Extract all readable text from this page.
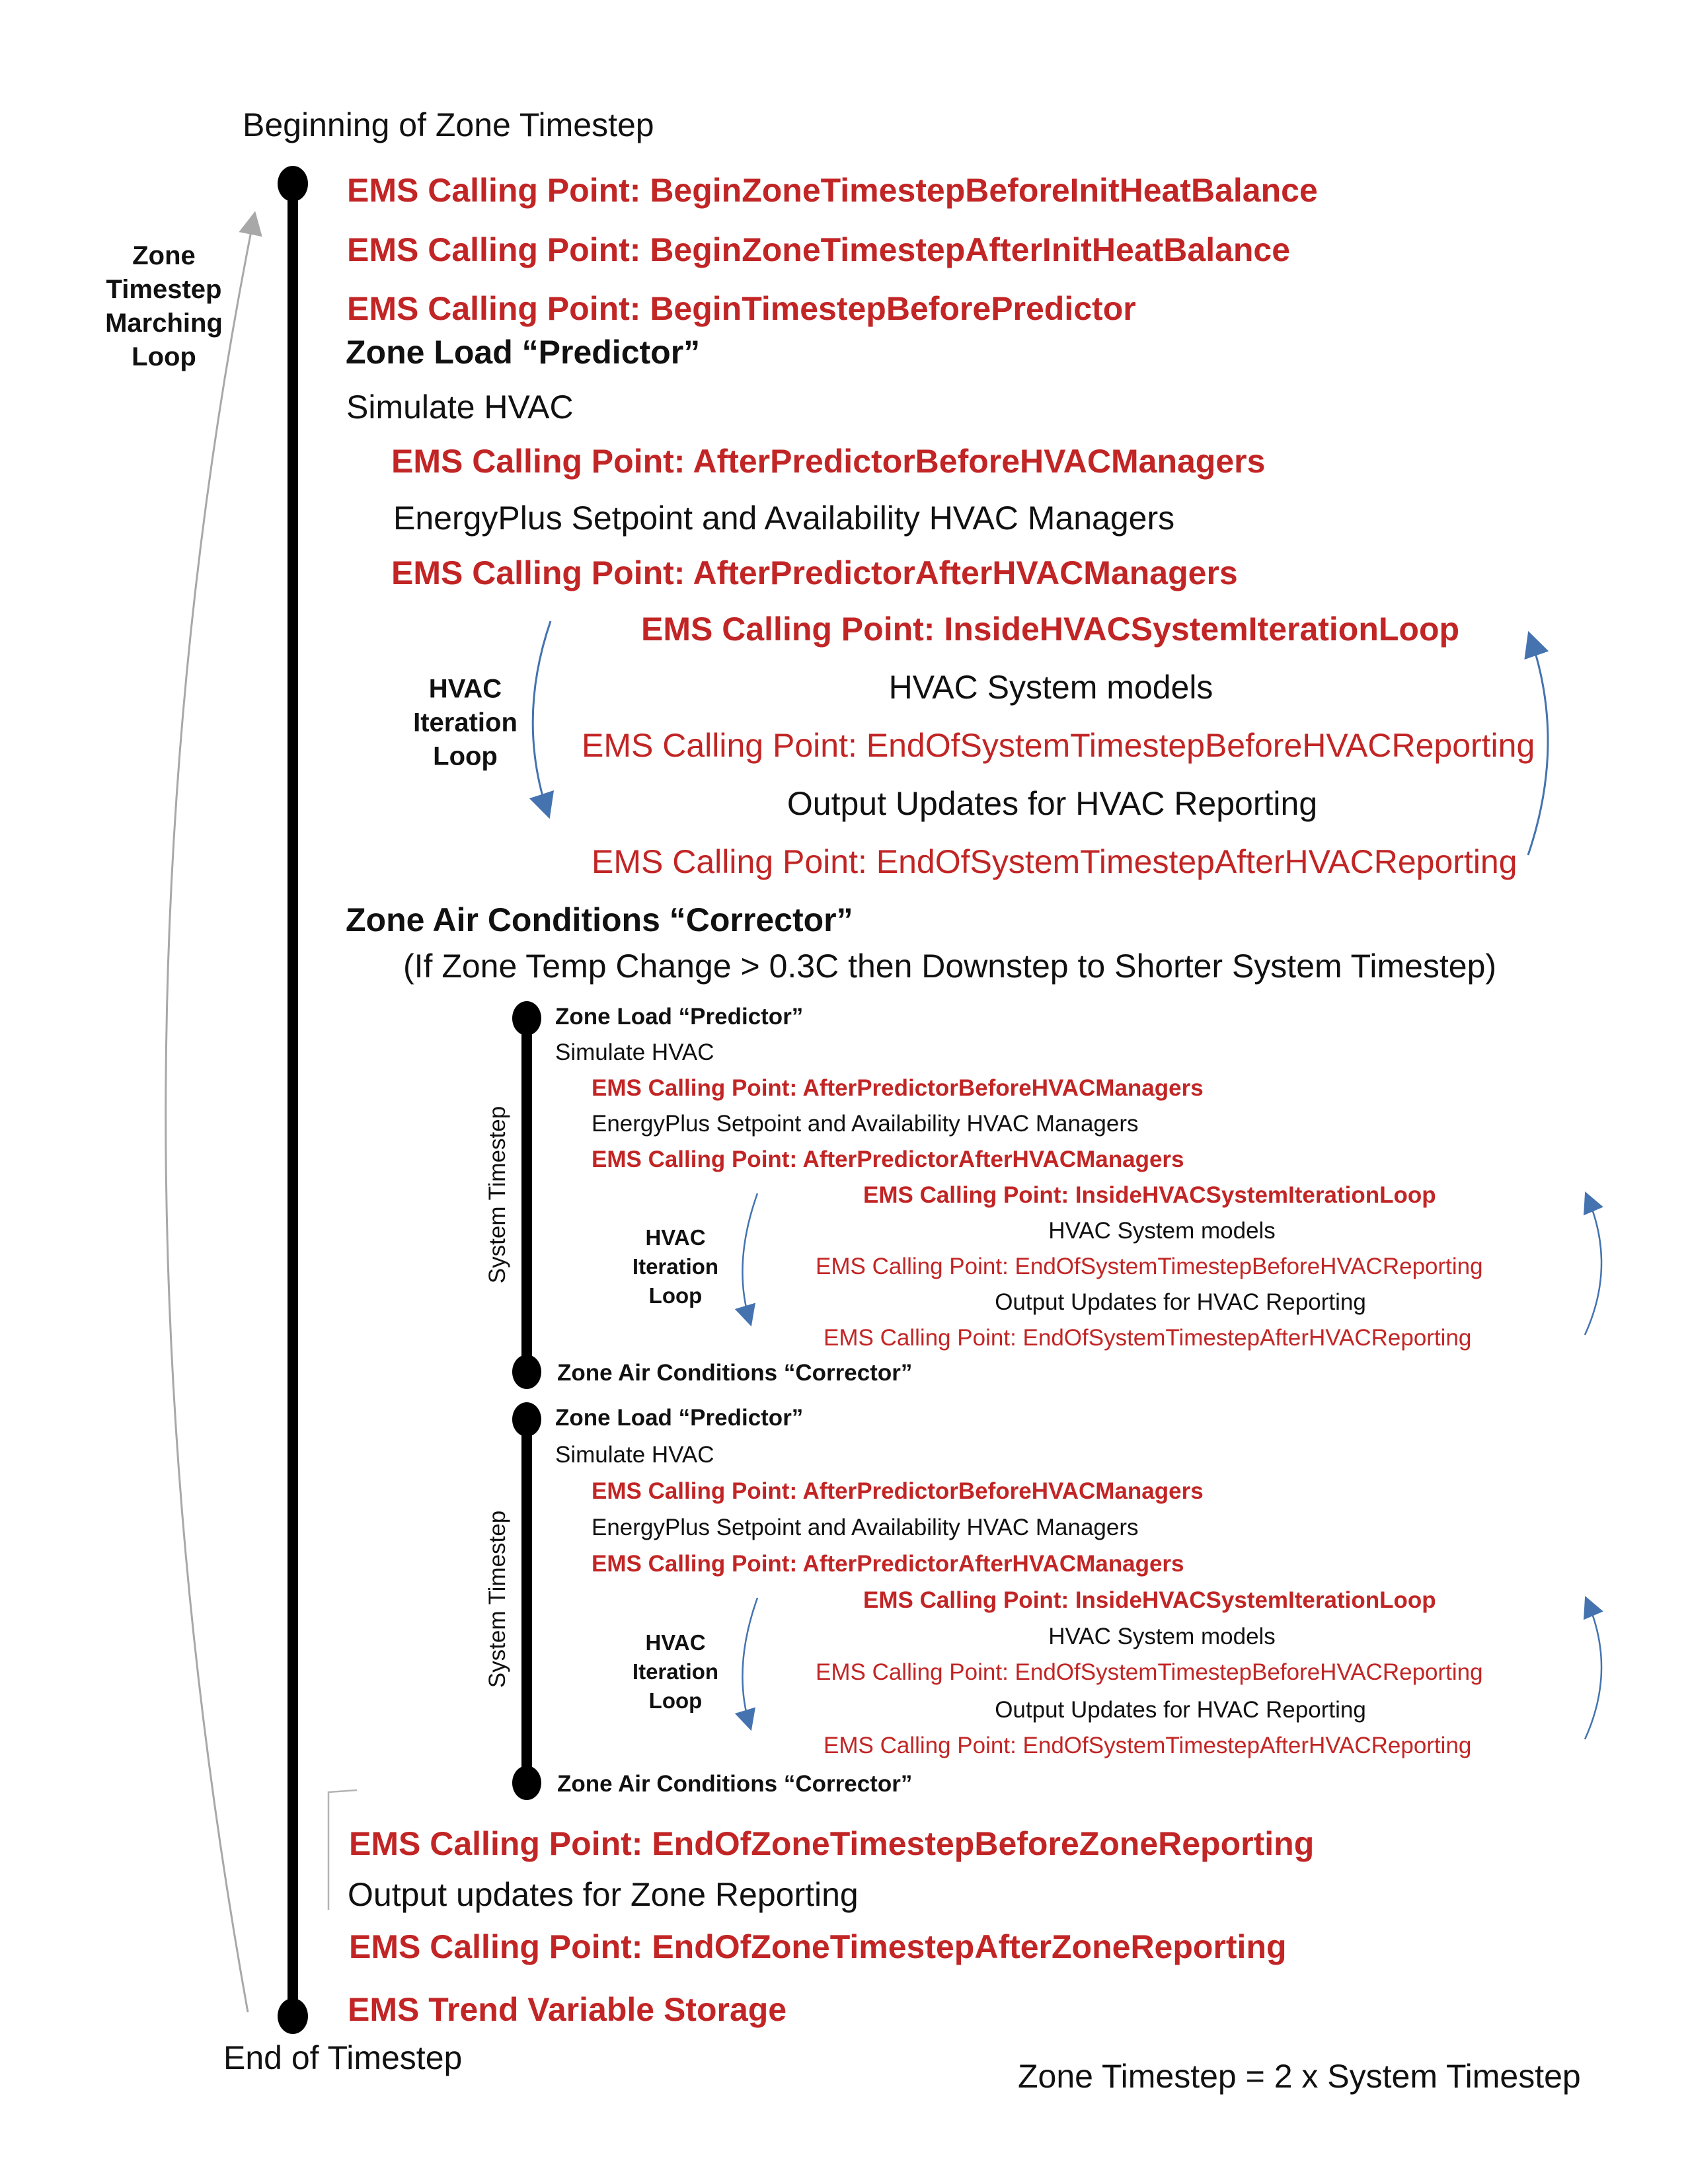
Beginning of Zone Timestep
Zone
Timestep
Marching
Loop
EMS Calling Point: BeginZoneTimestepBeforeInitHeatBalance
EMS Calling Point: BeginZoneTimestepAfterInitHeatBalance
EMS Calling Point: BeginTimestepBeforePredictor
Zone Load “Predictor”
Simulate HVAC
EMS Calling Point: AfterPredictorBeforeHVACManagers
EnergyPlus Setpoint and Availability HVAC Managers
EMS Calling Point: AfterPredictorAfterHVACManagers
EMS Calling Point: InsideHVACSystemIterationLoop
HVAC System models
EMS Calling Point: EndOfSystemTimestepBeforeHVACReporting
Output Updates for HVAC Reporting
EMS Calling Point: EndOfSystemTimestepAfterHVACReporting
HVAC
Iteration
Loop
Zone Air Conditions “Corrector”
(If Zone Temp Change > 0.3C then Downstep to Shorter System Timestep)
System Timestep
Zone Load “Predictor”
Simulate HVAC
EMS Calling Point: AfterPredictorBeforeHVACManagers
EnergyPlus Setpoint and Availability HVAC Managers
EMS Calling Point: AfterPredictorAfterHVACManagers
EMS Calling Point: InsideHVACSystemIterationLoop
HVAC System models
EMS Calling Point: EndOfSystemTimestepBeforeHVACReporting
Output Updates for HVAC Reporting
EMS Calling Point: EndOfSystemTimestepAfterHVACReporting
Zone Air Conditions “Corrector”
HVAC
Iteration
Loop
System Timestep
Zone Load “Predictor”
Simulate HVAC
EMS Calling Point: AfterPredictorBeforeHVACManagers
EnergyPlus Setpoint and Availability HVAC Managers
EMS Calling Point: AfterPredictorAfterHVACManagers
EMS Calling Point: InsideHVACSystemIterationLoop
HVAC System models
EMS Calling Point: EndOfSystemTimestepBeforeHVACReporting
Output Updates for HVAC Reporting
EMS Calling Point: EndOfSystemTimestepAfterHVACReporting
Zone Air Conditions “Corrector”
HVAC
Iteration
Loop
EMS Calling Point: EndOfZoneTimestepBeforeZoneReporting
Output updates for Zone Reporting
EMS Calling Point: EndOfZoneTimestepAfterZoneReporting
EMS Trend Variable Storage
End of Timestep	Zone Timestep = 2 x System Timestep
